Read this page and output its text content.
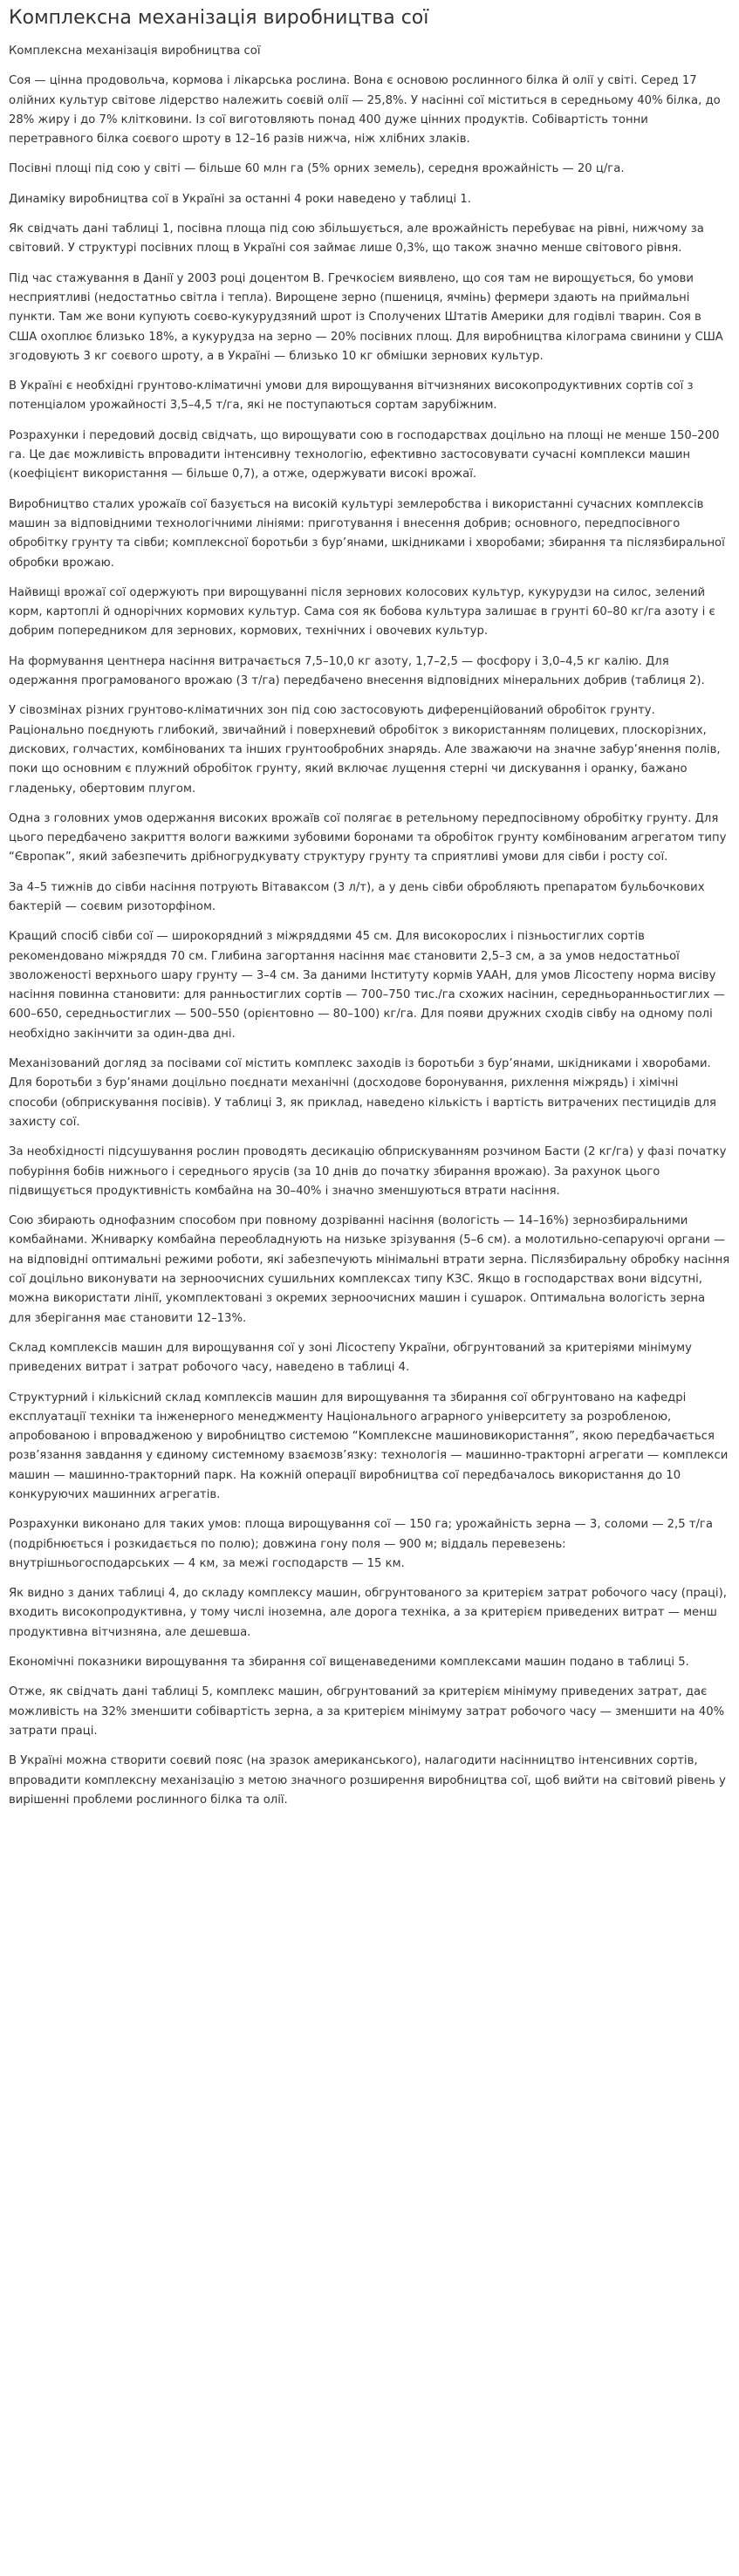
Комплексна механізація виробництва сої

Комплексна механізація виробництва сої

Соя — цінна продовольча, кормова і лікарська рослина. Вона є основою рослинного білка й олії у світі. Серед 17 олійних культур світове лідерство належить соєвій олії — 25,8%. У насінні сої міститься в середньому 40% білка, до 28% жиру і до 7% клітковини. Із сої виготовляють понад 400 дуже цінних продуктів. Собівартість тонни перетравного білка соєвого шроту в 12–16 разів нижча, ніж хлібних злаків.

Посівні площі під сою у світі — більше 60 млн га (5% орних земель), середня врожайність — 20 ц/га.

Динаміку виробництва сої в Україні за останні 4 роки наведено у таблиці 1.

Як свідчать дані таблиці 1, посівна площа під сою збільшується, але врожайність перебуває на рівні, нижчому за світовий. У структурі посівних площ в Україні соя займає лише 0,3%, що також значно менше світового рівня.

Під час стажування в Данії у 2003 році доцентом В. Гречкосієм виявлено, що соя там не вирощується, бо умови несприятливі (недостатньо світла і тепла). Вирощене зерно (пшениця, ячмінь) фермери здають на приймальні пункти. Там же вони купують соєво-кукурудзяний шрот із Сполучених Штатів Америки для годівлі тварин. Соя в США охоплює близько 18%, а кукурудза на зерно — 20% посівних площ. Для виробництва кілограма свинини у США згодовують 3 кг соєвого шроту, а в Україні — близько 10 кг обмішки зернових культур.

В Україні є необхідні грунтово-кліматичні умови для вирощування вітчизняних високопродуктивних сортів сої з потенціалом урожайності 3,5–4,5 т/га, які не поступаються сортам зарубіжним.

Розрахунки і передовий досвід свідчать, що вирощувати сою в господарствах доцільно на площі не менше 150–200 га. Це дає можливість впровадити інтенсивну технологію, ефективно застосовувати сучасні комплекси машин (коефіцієнт використання — більше 0,7), а отже, одержувати високі врожаї.

Виробництво сталих урожаїв сої базується на високій культурі землеробства і використанні сучасних комплексів машин за відповідними технологічними лініями: приготування і внесення добрив; основного, передпосівного обробітку грунту та сівби; комплексної боротьби з бур’янами, шкідниками і хворобами; збирання та післязбиральної обробки врожаю.

Найвищі врожаї сої одержують при вирощуванні після зернових колосових культур, кукурудзи на силос, зелений корм, картоплі й однорічних кормових культур. Сама соя як бобова культура залишає в грунті 60–80 кг/га азоту і є добрим попередником для зернових, кормових, технічних і овочевих культур.

На формування центнера насіння витрачається 7,5–10,0 кг азоту, 1,7–2,5 — фосфору і 3,0–4,5 кг калію. Для одержання програмованого врожаю (3 т/га) передбачено внесення відповідних мінеральних добрив (таблиця 2).

У сівозмінах різних грунтово-кліматичних зон під сою застосовують диференційований обробіток грунту. Раціонально поєднують глибокий, звичайний і поверхневий обробіток з використанням полицевих, плоскорізних, дискових, голчастих, комбінованих та інших грунтообробних знарядь. Але зважаючи на значне забур’янення полів, поки що основним є плужний обробіток грунту, який включає лущення стерні чи дискування і оранку, бажано гладеньку, обертовим плугом.

Одна з головних умов одержання високих врожаїв сої полягає в ретельному передпосівному обробітку грунту. Для цього передбачено закриття вологи важкими зубовими боронами та обробіток грунту комбінованим агрегатом типу “Європак”, який забезпечить дрібногрудкувату структуру грунту та сприятливі умови для сівби і росту сої.

За 4–5 тижнів до сівби насіння потрують Вітаваксом (3 л/т), а у день сівби обробляють препаратом бульбочкових бактерій — соєвим ризоторфіном.

Кращий спосіб сівби сої — широкорядний з міжряддями 45 см. Для високорослих і пізньостиглих сортів рекомендовано міжряддя 70 см. Глибина загортання насіння має становити 2,5–3 см, а за умов недостатньої зволоженості верхнього шару грунту — 3–4 см. За даними Інституту кормів УААН, для умов Лісостепу норма висіву насіння повинна становити: для ранньостиглих сортів — 700–750 тис./га схожих насінин, середньоранньостиглих — 600–650, середньостиглих — 500–550 (орієнтовно — 80–100) кг/га. Для появи дружних сходів сівбу на одному полі необхідно закінчити за один-два дні.

Механізований догляд за посівами сої містить комплекс заходів із боротьби з бур’янами, шкідниками і хворобами. Для боротьби з бур’янами доцільно поєднати механічні (досходове боронування, рихлення міжрядь) і хімічні способи (обприскування посівів). У таблиці 3, як приклад, наведено кількість і вартість витрачених пестицидів для захисту сої.

За необхідності підсушування рослин проводять десикацію обприскуванням розчином Басти (2 кг/га) у фазі початку побуріння бобів нижнього і середнього ярусів (за 10 днів до початку збирання врожаю). За рахунок цього підвищується продуктивність комбайна на 30–40% і значно зменшуються втрати насіння.

Сою збирають однофазним способом при повному дозріванні насіння (вологість — 14–16%) зернозбиральними комбайнами. Жниварку комбайна переобладнують на низьке зрізування (5–6 см). а молотильно-сепаруючі органи — на відповідні оптимальні режими роботи, які забезпечують мінімальні втрати зерна. Післязбиральну обробку насіння сої доцільно виконувати на зерноочисних сушильних комплексах типу КЗС. Якщо в господарствах вони відсутні, можна використати лінії, укомплектовані з окремих зерноочисних машин і сушарок. Оптимальна вологість зерна для зберігання має становити 12–13%.

Склад комплексів машин для вирощування сої у зоні Лісостепу України, обгрунтований за критеріями мінімуму приведених витрат і затрат робочого часу, наведено в таблиці 4.

Структурний і кількісний склад комплексів машин для вирощування та збирання сої обгрунтовано на кафедрі експлуатації техніки та інженерного менеджменту Національного аграрного університету за розробленою, апробованою і впровадженою у виробництво системою “Комплексне машиновикористання”, якою передбачається розв’язання завдання у єдиному системному взаємозв’язку: технологія — машинно-тракторні агрегати — комплекси машин — машинно-тракторний парк. На кожній операції виробництва сої передбачалось використання до 10 конкуруючих машинних агрегатів.

Розрахунки виконано для таких умов: площа вирощування сої — 150 га; урожайність зерна — 3, соломи — 2,5 т/га (подрібнюється і розкидається по полю); довжина гону поля — 900 м; віддаль перевезень: внутрішньогосподарських — 4 км, за межі господарств — 15 км.

Як видно з даних таблиці 4, до складу комплексу машин, обгрунтованого за критерієм затрат робочого часу (праці), входить високопродуктивна, у тому числі іноземна, але дорога техніка, а за критерієм приведених витрат — менш продуктивна вітчизняна, але дешевша.

Економічні показники вирощування та збирання сої вищенаведеними комплексами машин подано в таблиці 5.

Отже, як свідчать дані таблиці 5, комплекс машин, обгрунтований за критерієм мінімуму приведених затрат, дає можливість на 32% зменшити собівартість зерна, а за критерієм мінімуму затрат робочого часу — зменшити на 40% затрати праці.

В Україні можна створити соєвий пояс (на зразок американського), налагодити насінництво інтенсивних сортів, впровадити комплексну механізацію з метою значного розширення виробництва сої, щоб вийти на світовий рівень у вирішенні проблеми рослинного білка та олії.
